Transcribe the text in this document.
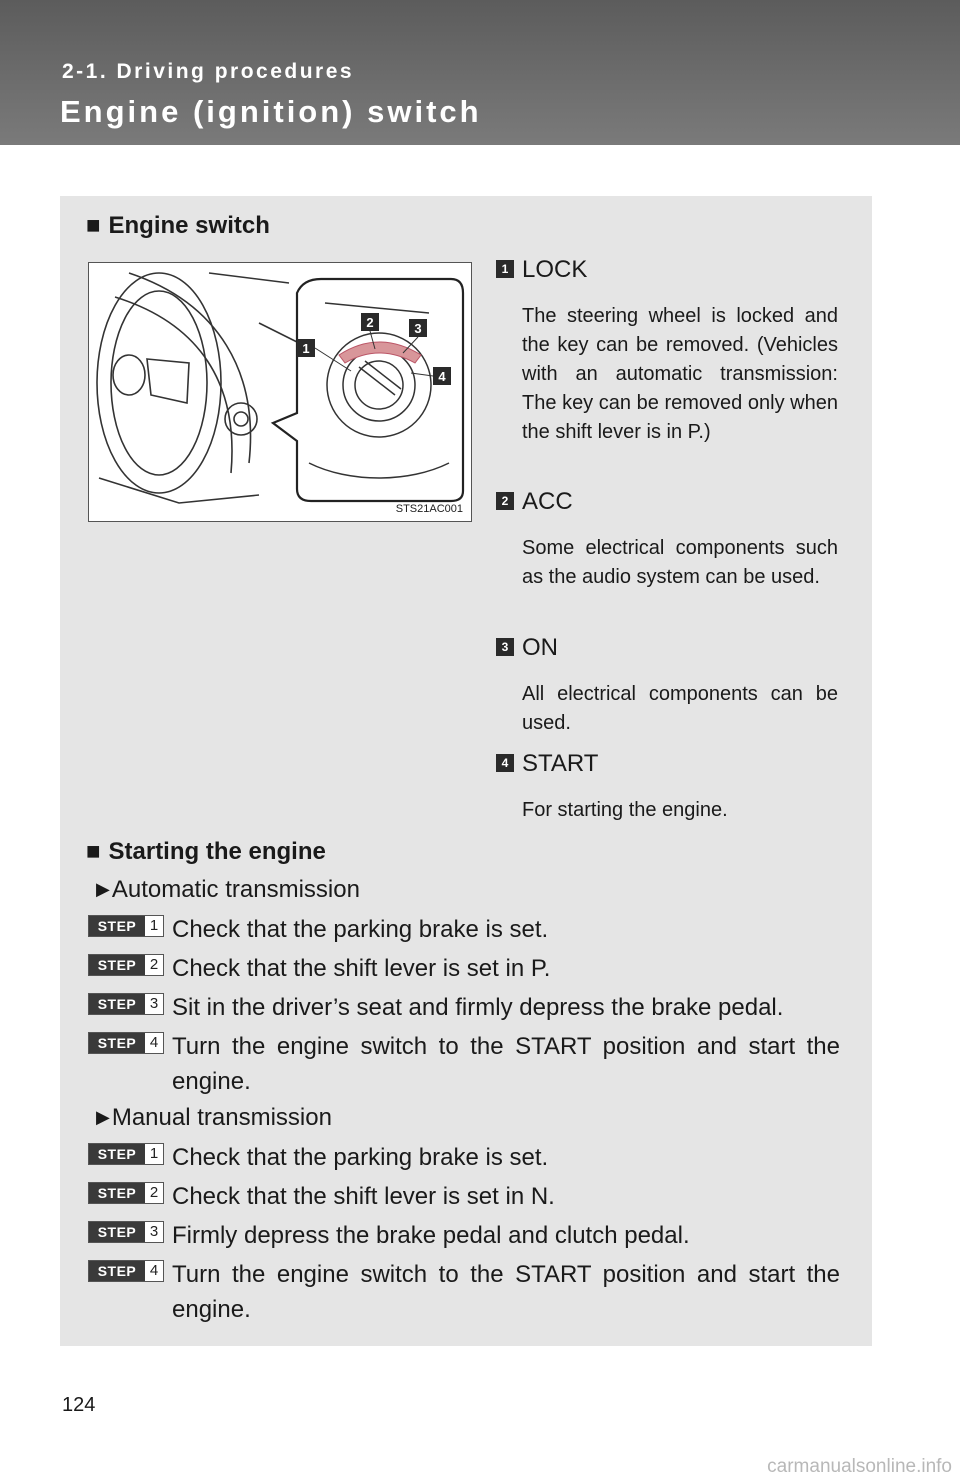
2-1. Driving procedures
Engine (ignition) switch
■ Engine switch
1
2	3
4
STS21AC001
1 LOCK
The steering wheel is locked and the key can be removed. (Vehicles with an automatic transmission: The key can be removed only when the shift lever is in P.)
2 ACC
Some electrical components such as the audio system can be used.
3 ON
All electrical components can be used.
4 START
For starting the engine.
■ Starting the engine
▶Automatic transmission
STEP 1 Check that the parking brake is set.
STEP 2 Check that the shift lever is set in P.
STEP 3 Sit in the driver’s seat and firmly depress the brake pedal.
STEP 4 Turn the engine switch to the START position and start the engine.
▶Manual transmission
STEP 1 Check that the parking brake is set.
STEP 2 Check that the shift lever is set in N.
STEP 3 Firmly depress the brake pedal and clutch pedal.
STEP 4 Turn the engine switch to the START position and start the engine.
124
carmanualsonline.info
